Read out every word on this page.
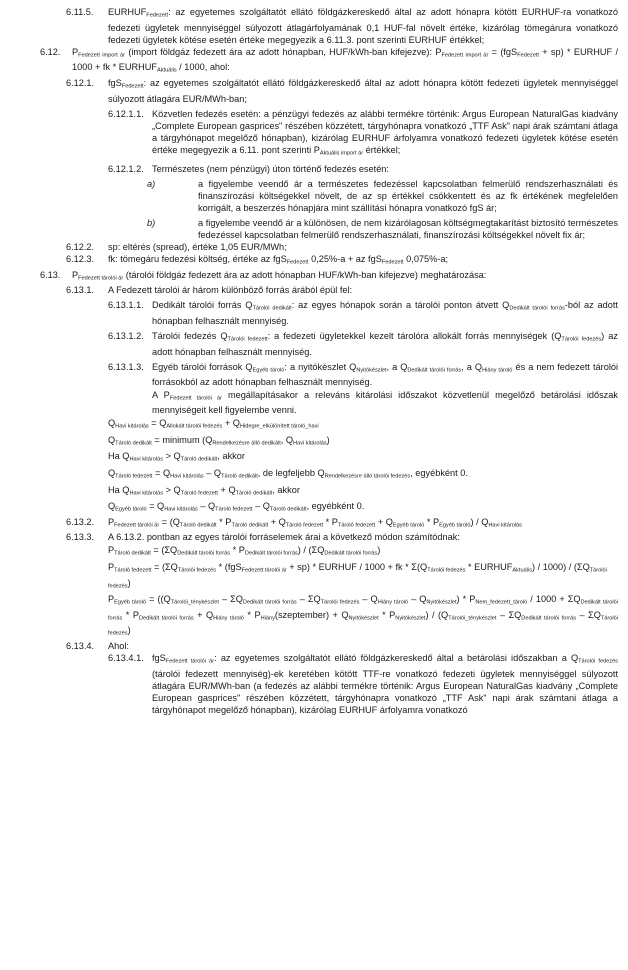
6.11.5. $EURHUF_{Fedezett}$: az egyetemes szolgáltatót ellátó földgázkereskedő által az adott hónapra kötött EURHUF-ra vonatkozó fedezeti ügyletek mennyiséggel súlyozott átlagárfolyamának 0,1 HUF-fal növelt értéke, kizárólag tömegárura vonatkozó fedezeti ügyletek kötése esetén értéke megegyezik a 6.11.3. pont szerinti EURHUF értékkel;
6.12. $P_{Fedezett import ár}$ (import földgáz fedezett ára az adott hónapban, HUF/kWh-ban kifejezve): $P_{Fedezett import ár} = (fgS_{Fedezett} + sp)$ * EURHUF / 1000 + fk * $EURHUF_{Aktuális} / 1000$, ahol:
6.12.1. fgS$_{Fedezett}$: az egyetemes szolgáltatót ellátó földgázkereskedő által az adott hónapra kötött fedezeti ügyletek mennyiséggel súlyozott átlagára EUR/MWh-ban;
6.12.1.1. Közvetlen fedezés esetén: a pénzügyi fedezés az alábbi termékre történik: Argus European NaturalGas kiadvány „Complete European gasprices" részében közzétett, tárgyhónapra vonatkozó „TTF Ask" napi árak számtani átlaga a tárgyhónapot megelőző hónapban), kizárólag EURHUF árfolyamra vonatkozó fedezeti ügyletek kötése esetén értéke megegyezik a 6.11. pont szerinti $P_{Aktuális import ár}$ értékkel;
6.12.1.2. Természetes (nem pénzügyi) úton történő fedezés esetén:
a)	a figyelembe veendő ár a természetes fedezéssel kapcsolatban felmerülő rendszerhasználati és finanszírozási költségekkel növelt, de az sp értékkel csökkentett és az fk értékének megfelelően korrigált, a beszerzés hónapjára mint szállítási hónapra vonatkozó fgS ár;
b)	a figyelembe veendő ár a különösen, de nem kizárólagosan költségmegtakarítást biztosító természetes fedezéssel kapcsolatban felmerülő rendszerhasználati, finanszírozási költségekkel növelt fix ár;
6.12.2. sp: eltérés (spread), értéke 1,05 EUR/MWh;
6.12.3. fk: tömegáru fedezési költség, értéke az fgS$_{Fedezett}$ 0,25%-a + az fgS$_{Fedezett}$ 0,075%-a;
6.13. $P_{Fedezett tárolói ár}$ (tárolói földgáz fedezett ára az adott hónapban HUF/kWh-ban kifejezve) meghatározása:
6.13.1. A Fedezett tárolói ár három különböző forrás árából épül fel:
6.13.1.1. Dedikált tárolói forrás $Q_{Tárolói dedikált}$: az egyes hónapok során a tárolói ponton átvett $Q_{Dedikált tárolói forrás}$-ból az adott hónapban felhasznált mennyiség.
6.13.1.2. Tárolói fedezés $Q_{Tárolói fedezett}$: a fedezeti ügyletekkel kezelt tárolóra allokált forrás mennyiségek $(Q_{Tárolói fedezés})$ az adott hónapban felhasznált mennyiség.
6.13.1.3. Egyéb tárolói források $Q_{Egyéb tároló}$: a nyitókészlet $Q_{Nyitókészlet}$, a $Q_{Dedikált tárolói forrás}$, a $Q_{Hiány tároló}$ és a nem fedezett tárolói forrásokból az adott hónapban felhasznált mennyiség.
A $P_{Fedezett tárolói ár}$ megállapításakor a releváns kitárolási időszakot közvetlenül megelőző betárolási időszak mennyiségeit kell figyelembe venni.
$Q_{Havi kitárolás} = Q_{Allokált tárolói fedezés} + Q_{Hidegre\_elkülönített tároló\_havi}$
$Q_{Tároló dedikált}$ = minimum ($Q_{Rendelkezésre álló dedikált}$, $Q_{Havi kitárolás}$)
Ha $Q_{Havi kitárolás} > Q_{Tároló dedikált}$, akkor
$Q_{Tároló fedezett} = Q_{Havi kitárolás} - Q_{Tároló dedikált}$, de legfeljebb $Q_{Rendelkezésre álló tárolói fedezés}$, egyébként 0.
Ha $Q_{Havi kitárolás} > Q_{Tároló fedezett} + Q_{Tároló dedikált}$, akkor
$Q_{Egyéb tároló} = Q_{Havi kitárolás} - Q_{Tároló fedezett} - Q_{Tároló dedikált}$, egyébként 0.
6.13.2. $P_{Fedezett tárolói ár} = (Q_{Tároló dedikált} * P_{Tároló dedikált} + Q_{Tároló fedezett} * P_{Tároló fedezett} + Q_{Egyéb tároló} * P_{Egyéb tároló}) / Q_{Havi kitárolás}$
6.13.3. A 6.13.2. pontban az egyes tárolói forráselemek árai a következő módon számítódnak:
$P_{Tároló dedikált} = (\Sigma Q_{Dedikált tárolói forrás} * P_{Dedikált tárolói forrás}) / (\Sigma Q_{Dedikált tárolói forrás})$
$P_{Tároló fedezett} = (\Sigma Q_{Tárolói fedezés} * (fgS_{Fedezett tárolói ár} + sp)$ * EURHUF / 1000 + fk * $\Sigma(Q_{Tárolói fedezés}$ * $EURHUF_{Aktuális}) / 1000) / (\Sigma Q_{Tárolói fedezés})$
$P_{Egyéb tároló} = ((Q_{Tárolói\_ténykészlet} - \Sigma Q_{Dedikált tárolói forrás} - \Sigma Q_{Tárolói fedezés} - Q_{Hiány tároló} - Q_{Nyitókészlet}) * P_{Nem\_fedezett\_tároló} / 1000 + \Sigma Q_{Dedikált tárolói forrás} * P_{Dedikált tárolói forrás} + Q_{Hiány tároló}$ * $P_{Hiány}(szeptember) + Q_{Nyitókészlet} * P_{Nyitókészlet}) / (Q_{Tárolói\_ténykészlet} - \Sigma Q_{Dedikált tárolói forrás} - \Sigma Q_{Tárolói fedezés})$
6.13.4. Ahol:
6.13.4.1. fgS$_{Fedezett tárolói ár}$: az egyetemes szolgáltatót ellátó földgázkereskedő által a betárolási időszakban a $Q_{Tárolói fedezés}$ (tárolói fedezett mennyiség)-ek keretében kötött TTF-re vonatkozó fedezeti ügyletek mennyiséggel súlyozott átlagára EUR/MWh-ban (a fedezés az alábbi termékre történik: Argus European NaturalGas kiadvány „Complete European gasprices" részében közzétett, tárgyhónapra vonatkozó „TTF Ask" napi árak számtani átlaga a tárgyhónapot megelőző hónapban), kizárólag EURHUF árfolyamra vonatkozó
